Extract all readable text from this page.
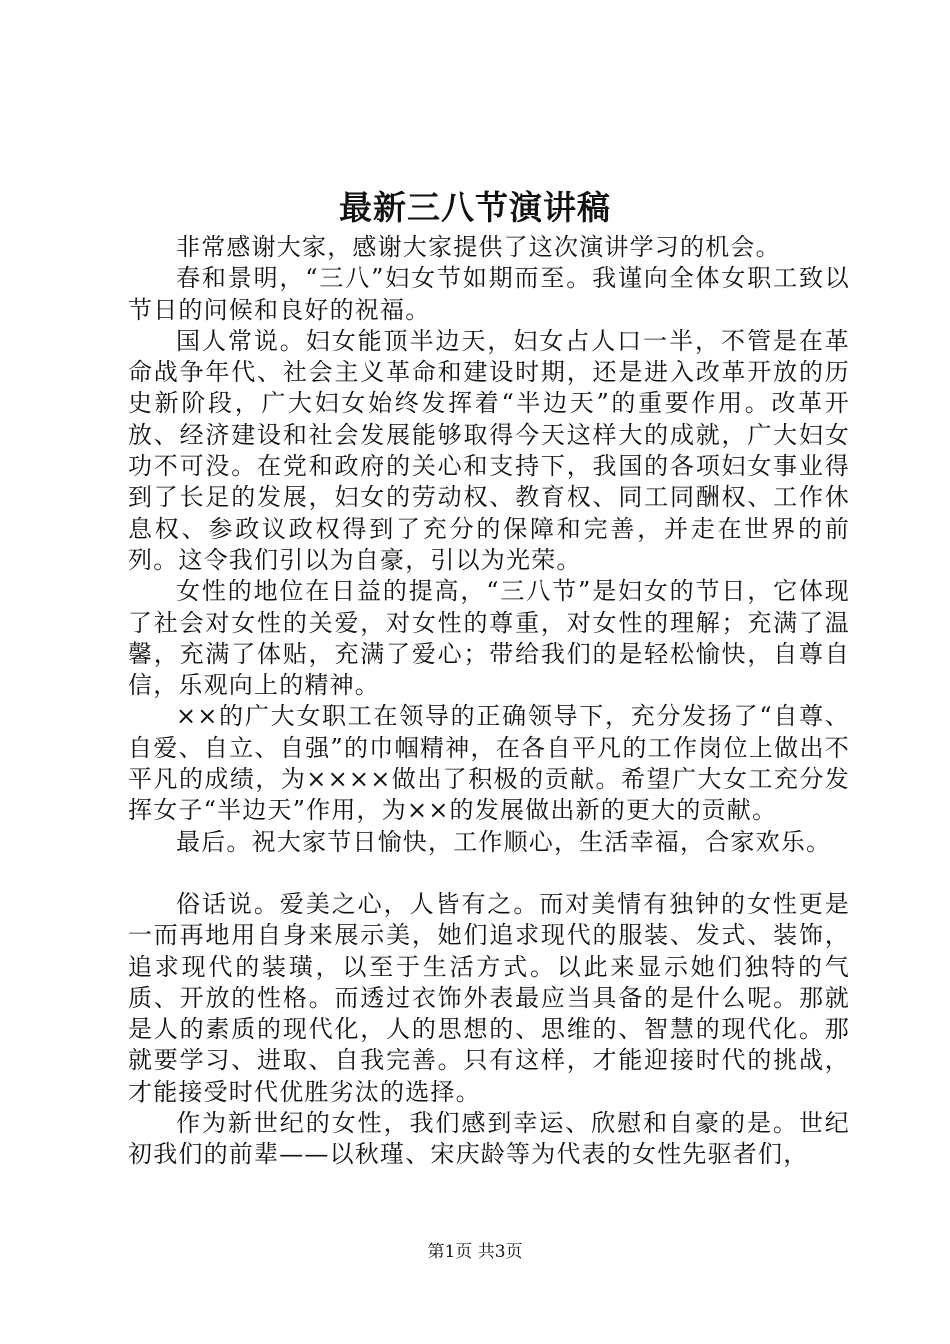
最新三八节演讲稿

非常感谢大家，感谢大家提供了这次演讲学习的机会。

春和景明，“三八”妇女节如期而至。我谨向全体女职工致以节日的问候和良好的祝福。

国人常说。妇女能顶半边天，妇女占人口一半，不管是在革命战争年代、社会主义革命和建设时期，还是进入改革开放的历史新阶段，广大妇女始终发挥着“半边天”的重要作用。改革开放、经济建设和社会发展能够取得今天这样大的成就，广大妇女功不可没。在党和政府的关心和支持下，我国的各项妇女事业得到了长足的发展，妇女的劳动权、教育权、同工同酬权、工作休息权、参政议政权得到了充分的保障和完善，并走在世界的前列。这令我们引以为自豪，引以为光荣。

女性的地位在日益的提高，“三八节”是妇女的节日，它体现了社会对女性的关爱，对女性的尊重，对女性的理解；充满了温馨，充满了体贴，充满了爱心；带给我们的是轻松愉快，自尊自信，乐观向上的精神。

××的广大女职工在领导的正确领导下，充分发扬了“自尊、自爱、自立、自强”的巾帼精神，在各自平凡的工作岗位上做出不平凡的成绩，为××××做出了积极的贡献。希望广大女工充分发挥女子“半边天”作用，为××的发展做出新的更大的贡献。

最后。祝大家节日愉快，工作顺心，生活幸福，合家欢乐。

俗话说。爱美之心，人皆有之。而对美情有独钟的女性更是一而再地用自身来展示美，她们追求现代的服装、发式、装饰，追求现代的装璜，以至于生活方式。以此来显示她们独特的气质、开放的性格。而透过衣饰外表最应当具备的是什么呢。那就是人的素质的现代化，人的思想的、思维的、智慧的现代化。那就要学习、进取、自我完善。只有这样，才能迎接时代的挑战，才能接受时代优胜劣汰的选择。

作为新世纪的女性，我们感到幸运、欣慰和自豪的是。世纪初我们的前辈——以秋瑾、宋庆龄等为代表的女性先驱者们，

第1页 共3页
